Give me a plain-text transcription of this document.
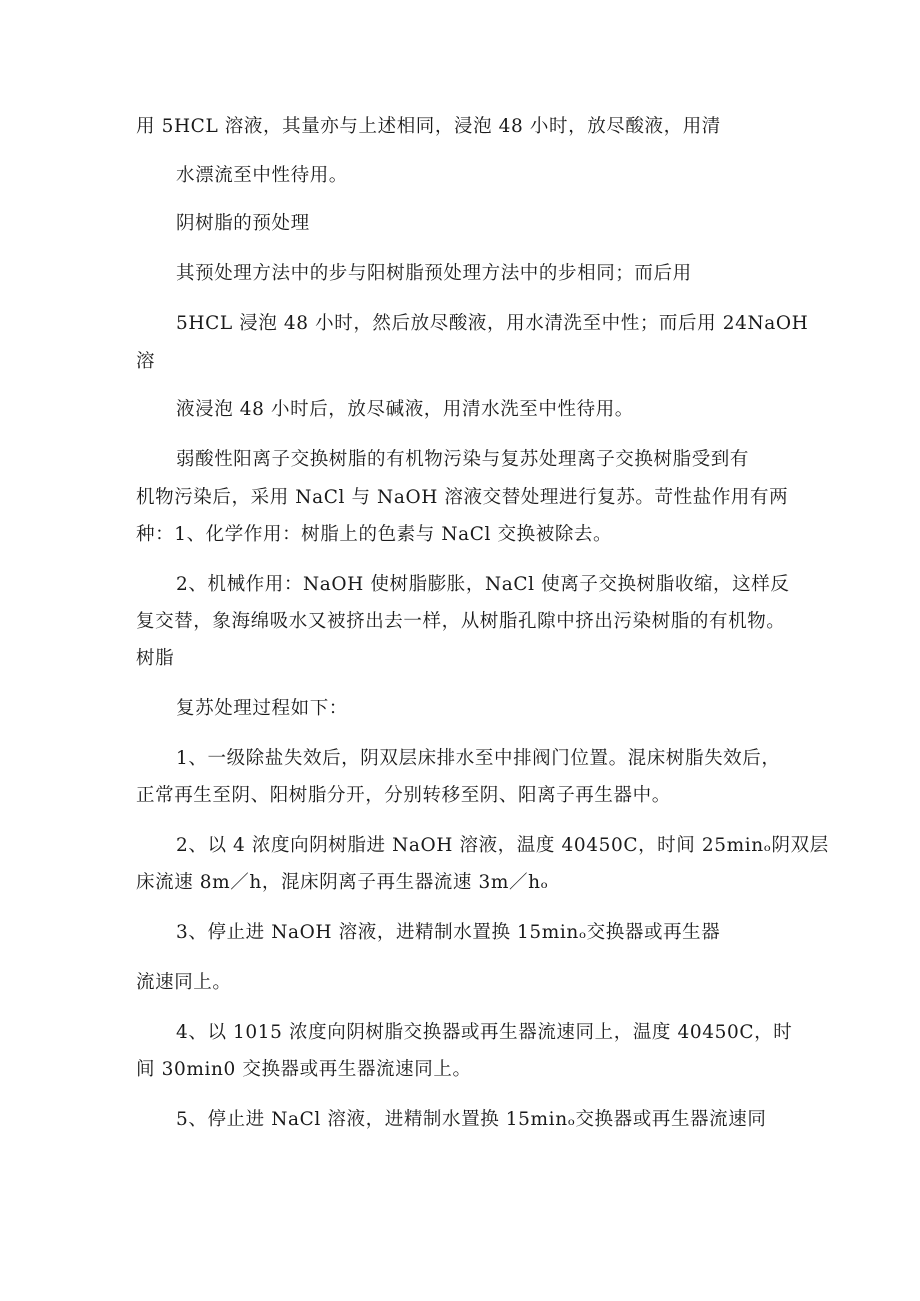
用 5HCL 溶液，其量亦与上述相同，浸泡 48 小时，放尽酸液，用清
水漂流至中性待用。
阴树脂的预处理
其预处理方法中的步与阳树脂预处理方法中的步相同；而后用
5HCL 浸泡 48 小时，然后放尽酸液，用水清洗至中性；而后用 24NaOH
溶
液浸泡 48 小时后，放尽碱液，用清水洗至中性待用。
弱酸性阳离子交换树脂的有机物污染与复苏处理离子交换树脂受到有
机物污染后，采用 NaCl 与 NaOH 溶液交替处理进行复苏。苛性盐作用有两
种：1、化学作用：树脂上的色素与 NaCl 交换被除去。
2、机械作用：NaOH 使树脂膨胀，NaCl 使离子交换树脂收缩，这样反
复交替，象海绵吸水又被挤出去一样，从树脂孔隙中挤出污染树脂的有机物。
树脂
复苏处理过程如下：
1、一级除盐失效后，阴双层床排水至中排阀门位置。混床树脂失效后，
正常再生至阴、阳树脂分开，分别转移至阴、阳离子再生器中。
2、以 4 浓度向阴树脂进 NaOH 溶液，温度 40450C，时间 25minₒ阴双层
床流速 8m／h，混床阴离子再生器流速 3m／hₒ
3、停止进 NaOH 溶液，进精制水置换 15minₒ交换器或再生器
流速同上。
4、以 1015 浓度向阴树脂交换器或再生器流速同上，温度 40450C，时
间 30min0 交换器或再生器流速同上。
5、停止进 NaCl 溶液，进精制水置换 15minₒ交换器或再生器流速同
